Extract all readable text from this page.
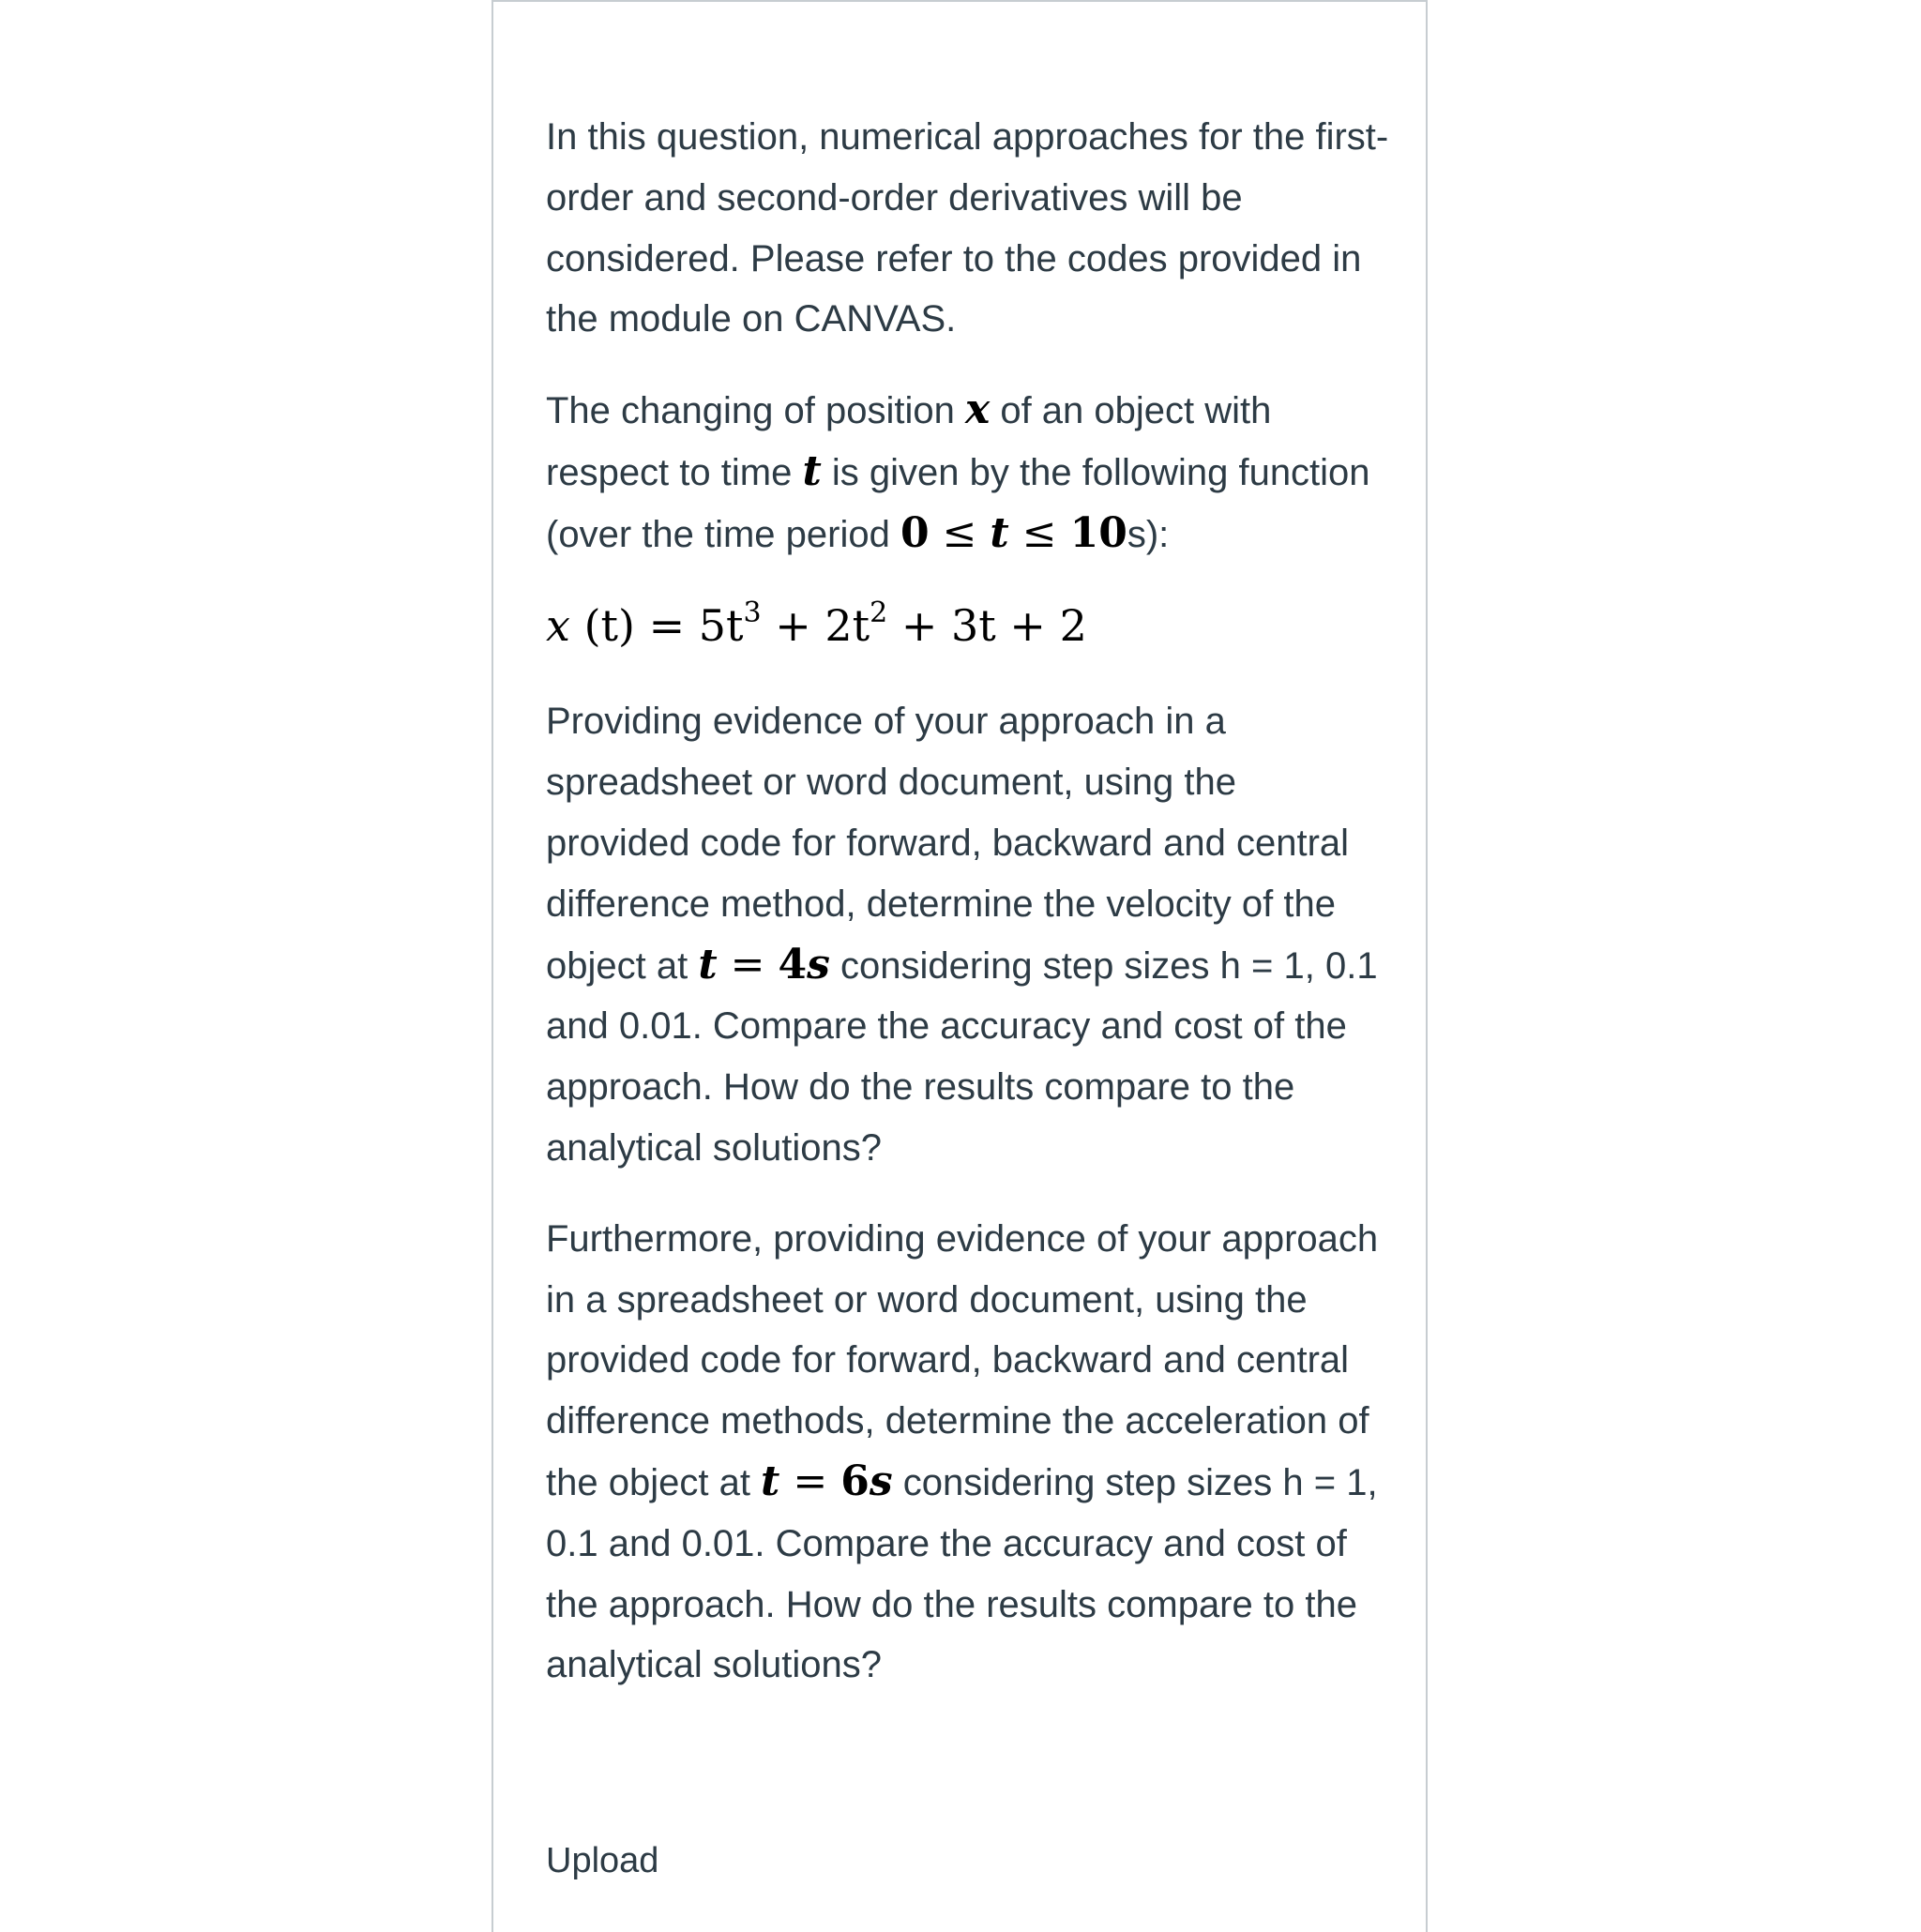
In this question, numerical approaches for the first-order and second-order derivatives will be considered. Please refer to the codes provided in the module on CANVAS.

The changing of position x of an object with respect to time t is given by the following function (over the time period 0 ≤ t ≤ 10s):

x $(t) = 5t^3 + 2t^2 + 3t + 2$

Providing evidence of your approach in a spreadsheet or word document, using the provided code for forward, backward and central difference method, determine the velocity of the object at t = 4s considering step sizes h = 1, 0.1 and 0.01. Compare the accuracy and cost of the approach. How do the results compare to the analytical solutions?

Furthermore, providing evidence of your approach in a spreadsheet or word document, using the provided code for forward, backward and central difference methods, determine the acceleration of the object at t = 6s considering step sizes h = 1, 0.1 and 0.01. Compare the accuracy and cost of the approach. How do the results compare to the analytical solutions?

Upload
